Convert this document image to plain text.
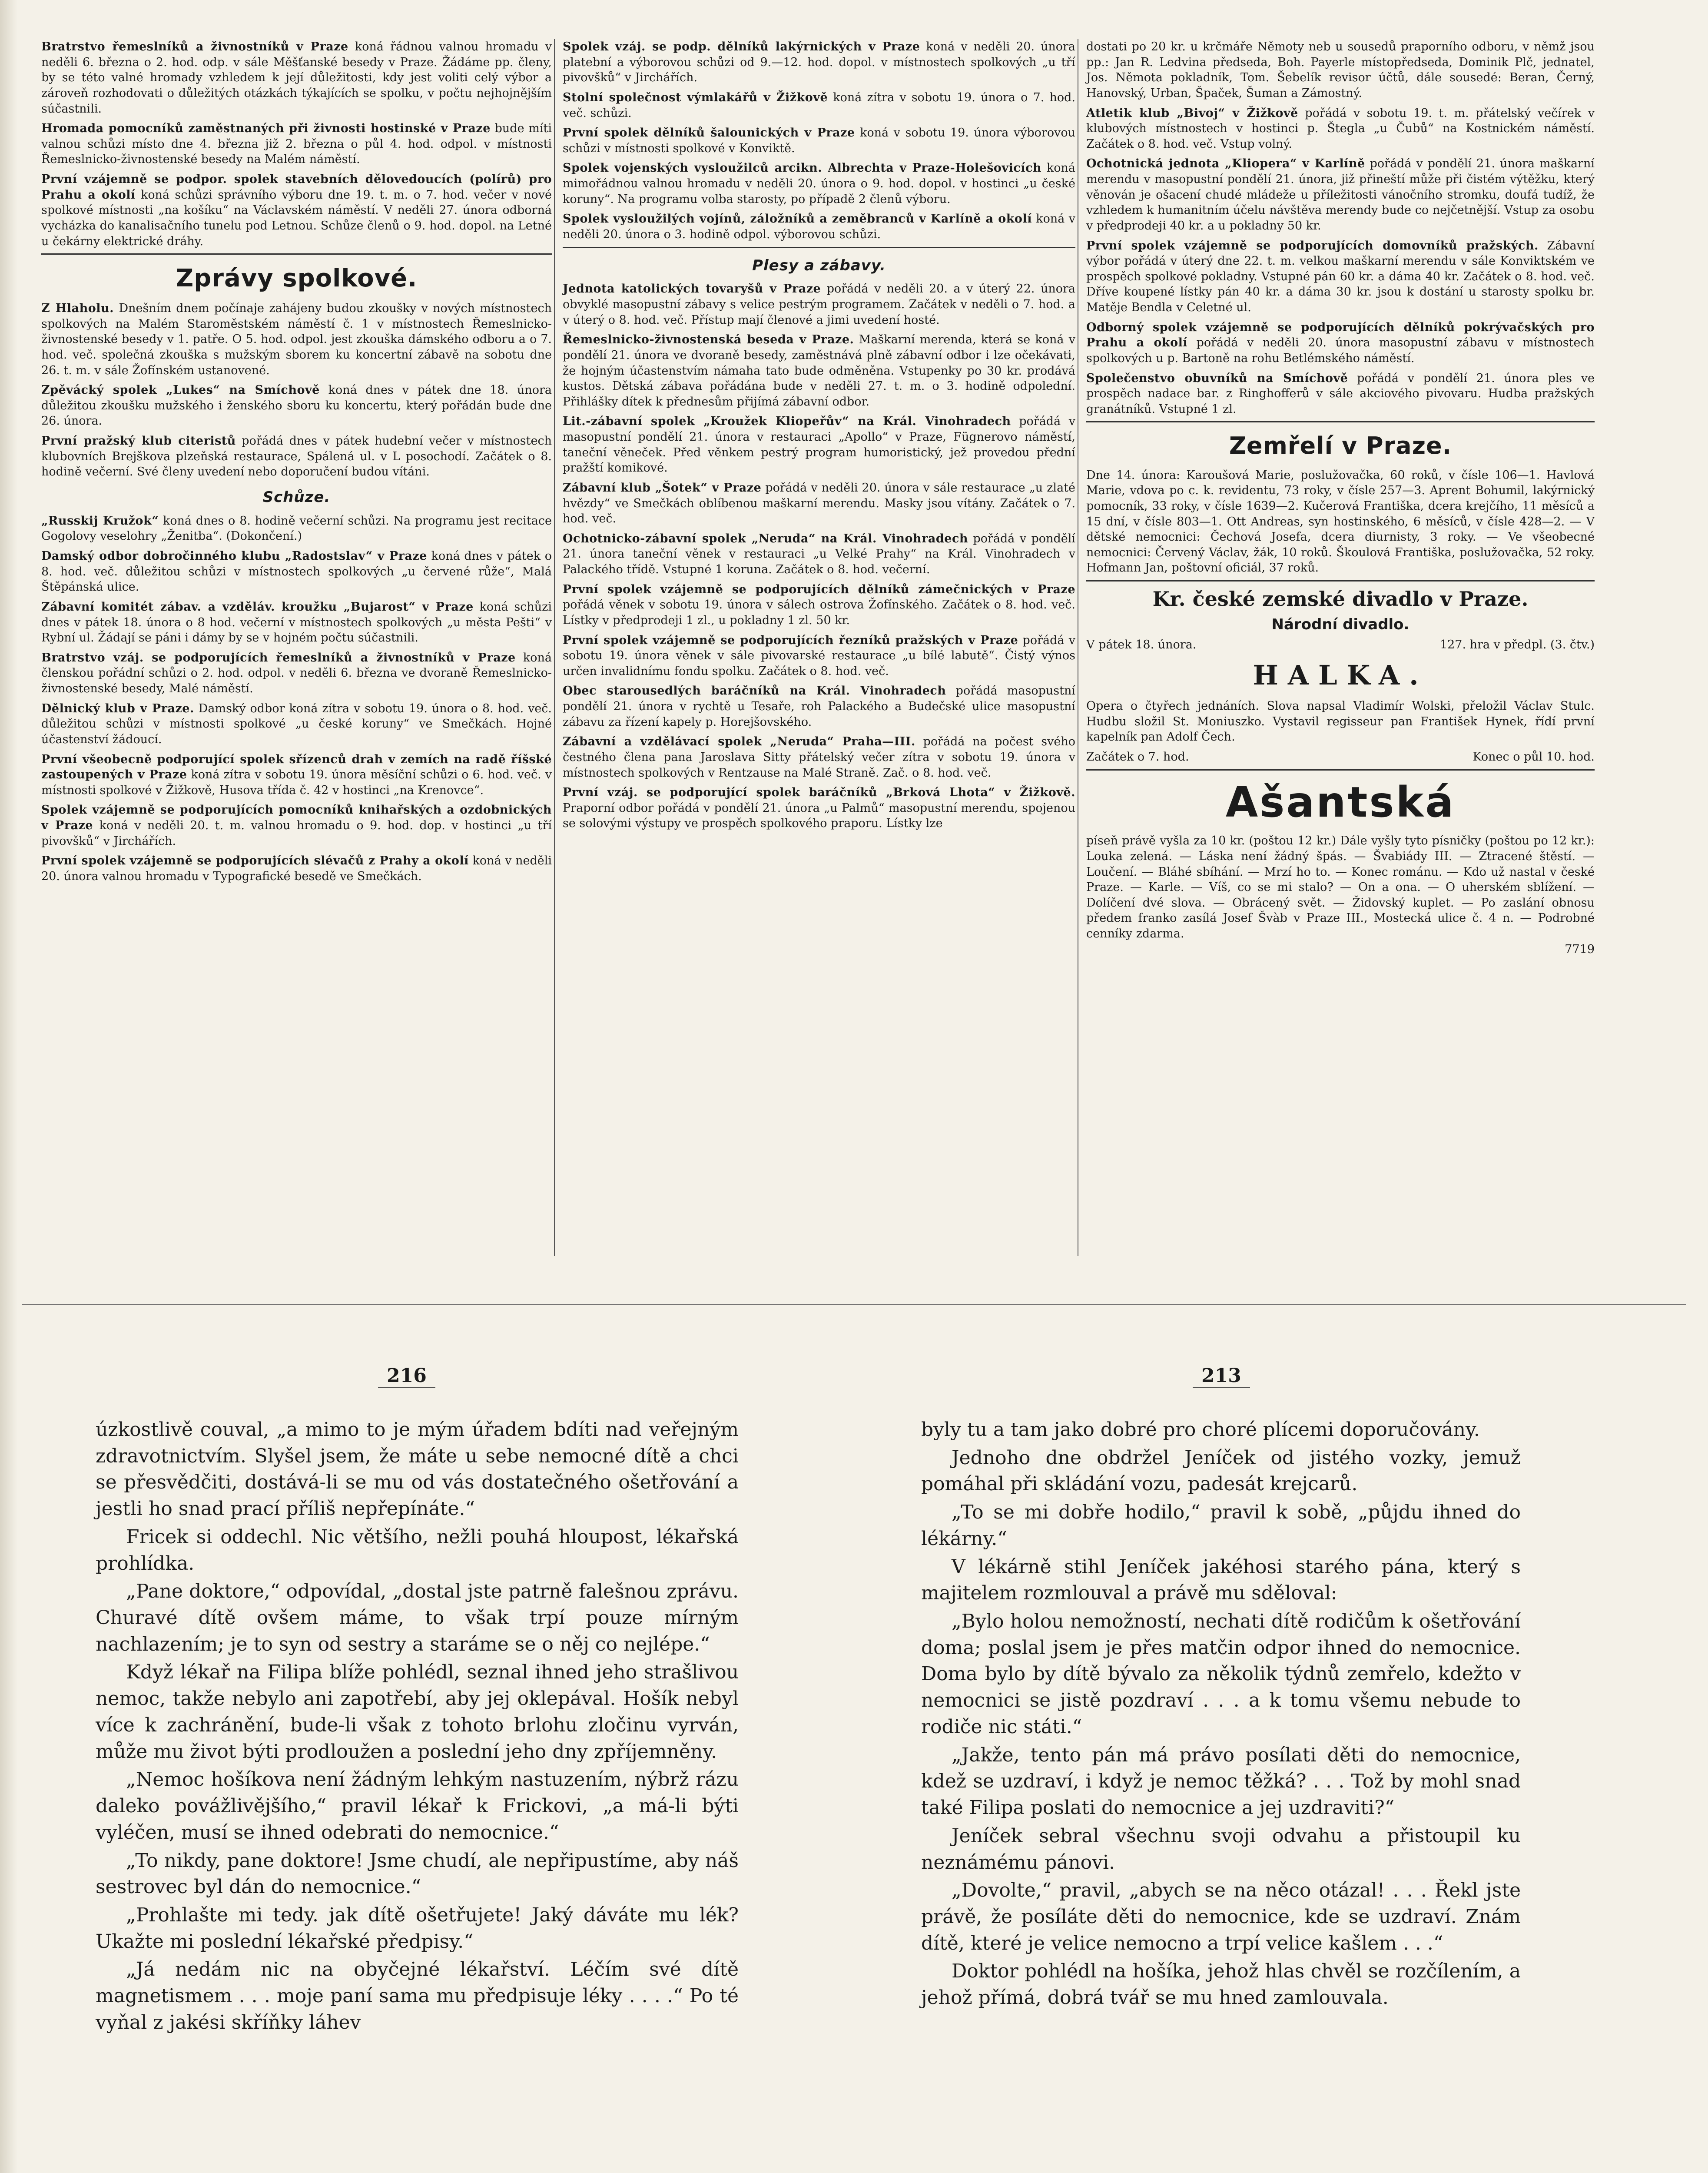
Bratrstvo řemeslníků a živnostníků v Praze koná řádnou valnou hromadu v neděli 6. března o 2. hod. odp. v sále Měšťanské besedy v Praze. Žádáme pp. členy, by se této valné hromady vzhledem k její důležitosti, kdy jest voliti celý výbor a zároveň rozhodovati o důležitých otázkách týkajících se spolku, v počtu nejhojnějším súčastnili.

Hromada pomocníků zaměstnaných při živnosti hostinské v Praze bude míti valnou schůzi místo dne 4. března již 2. března o půl 4. hod. odpol. v místnosti Řemeslnicko-živnostenské besedy na Malém náměstí.

První vzájemně se podpor. spolek stavebních dělovedoucích (polírů) pro Prahu a okolí koná schůzi správního výboru dne 19. t. m. o 7. hod. večer v nové spolkové místnosti „na košíku“ na Václavském náměstí. V neděli 27. února odborná vycházka do kanalisačního tunelu pod Letnou. Schůze členů o 9. hod. dopol. na Letné u čekárny elektrické dráhy.

Zprávy spolkové.

Z Hlaholu. Dnešním dnem počínaje zahájeny budou zkoušky v nových místnostech spolkových na Malém Staroměstském náměstí č. 1 v místnostech Řemeslnicko-živnostenské besedy v 1. patře. O 5. hod. odpol. jest zkouška dámského odboru a o 7. hod. več. společná zkouška s mužským sborem ku koncertní zábavě na sobotu dne 26. t. m. v sále Žofínském ustanovené.

Zpěvácký spolek „Lukes“ na Smíchově koná dnes v pátek dne 18. února důležitou zkoušku mužského i ženského sboru ku koncertu, který pořádán bude dne 26. února.

První pražský klub citeristů pořádá dnes v pátek hudební večer v místnostech klubovních Brejškova plzeňská restaurace, Spálená ul. v L posochodí. Začátek o 8. hodině večerní. Své členy uvedení nebo doporučení budou vítáni.

Schůze.

„Russkij Kružok“ koná dnes o 8. hodině večerní schůzi. Na programu jest recitace Gogolovy veselohry „Ženitba“. (Dokončení.)

Damský odbor dobročinného klubu „Radostslav“ v Praze koná dnes v pátek o 8. hod. več. důležitou schůzi v místnostech spolkových „u červené růže“, Malá Štěpánská ulice.

Zábavní komitét zábav. a vzděláv. kroužku „Bujarost“ v Praze koná schůzi dnes v pátek 18. února o 8 hod. večerní v místnostech spolkových „u města Pešti“ v Rybní ul. Žádají se páni i dámy by se v hojném počtu súčastnili.

Bratrstvo vzáj. se podporujících řemeslníků a živnostníků v Praze koná členskou pořádní schůzi o 2. hod. odpol. v neděli 6. března ve dvoraně Řemeslnicko-živnostenské besedy, Malé náměstí.

Dělnický klub v Praze. Damský odbor koná zítra v sobotu 19. února o 8. hod. več. důležitou schůzi v místnosti spolkové „u české koruny“ ve Smečkách. Hojné účastenství žádoucí.

První všeobecně podporující spolek sřízenců drah v zemích na radě říšské zastoupených v Praze koná zítra v sobotu 19. února měsíční schůzi o 6. hod. več. v místnosti spolkové v Žižkově, Husova třída č. 42 v hostinci „na Krenovce“.

Spolek vzájemně se podporujících pomocníků knihařských a ozdobnických v Praze koná v neděli 20. t. m. valnou hromadu o 9. hod. dop. v hostinci „u tří pivovšků“ v Jirchářích.

První spolek vzájemně se podporujících slévačů z Prahy a okolí koná v neděli 20. února valnou hromadu v Typografické besedě ve Smečkách.

Spolek vzáj. se podp. dělníků lakýrnických v Praze koná v neděli 20. února platební a výborovou schůzi od 9.—12. hod. dopol. v místnostech spolkových „u tří pivovšků“ v Jirchářích.

Stolní společnost výmlakářů v Žižkově koná zítra v sobotu 19. února o 7. hod. več. schůzi.

První spolek dělníků šalounických v Praze koná v sobotu 19. února výborovou schůzi v místnosti spolkové v Konviktě.

Spolek vojenských vysloužilců arcikn. Albrechta v Praze-Holešovicích koná mimořádnou valnou hromadu v neděli 20. února o 9. hod. dopol. v hostinci „u české koruny“. Na programu volba starosty, po případě 2 členů výboru.

Spolek vysloužilých vojínů, záložníků a zeměbranců v Karlíně a okolí koná v neděli 20. února o 3. hodině odpol. výborovou schůzi.

Plesy a zábavy.

Jednota katolických tovaryšů v Praze pořádá v neděli 20. a v úterý 22. února obvyklé masopustní zábavy s velice pestrým programem. Začátek v neděli o 7. hod. a v úterý o 8. hod. več. Přístup mají členové a jimi uvedení hosté.

Řemeslnicko-živnostenská beseda v Praze. Maškarní merenda, která se koná v pondělí 21. února ve dvoraně besedy, zaměstnává plně zábavní odbor i lze očekávati, že hojným účastenstvím námaha tato bude odměněna. Vstupenky po 30 kr. prodává kustos. Dětská zábava pořádána bude v neděli 27. t. m. o 3. hodině odpolední. Přihlášky dítek k přednesům přijímá zábavní odbor.

Lit.-zábavní spolek „Kroužek Kliopeřův“ na Král. Vinohradech pořádá v masopustní pondělí 21. února v restauraci „Apollo“ v Praze, Fügnerovo náměstí, taneční věneček. Před věnkem pestrý program humoristický, jež provedou přední pražští komikové.

Zábavní klub „Šotek“ v Praze pořádá v neděli 20. února v sále restaurace „u zlaté hvězdy“ ve Smečkách oblíbenou maškarní merendu. Masky jsou vítány. Začátek o 7. hod. več.

Ochotnicko-zábavní spolek „Neruda“ na Král. Vinohradech pořádá v pondělí 21. února taneční věnek v restauraci „u Velké Prahy“ na Král. Vinohradech v Palackého třídě. Vstupné 1 koruna. Začátek o 8. hod. večerní.

První spolek vzájemně se podporujících dělníků zámečnických v Praze pořádá věnek v sobotu 19. února v sálech ostrova Žofínského. Začátek o 8. hod. več. Lístky v předprodeji 1 zl., u pokladny 1 zl. 50 kr.

První spolek vzájemně se podporujících řezníků pražských v Praze pořádá v sobotu 19. února věnek v sále pivovarské restaurace „u bílé labutě“. Čistý výnos určen invalidnímu fondu spolku. Začátek o 8. hod. več.

Obec starousedlých baráčníků na Král. Vinohradech pořádá masopustní pondělí 21. února v rychtě u Tesaře, roh Palackého a Budečské ulice masopustní zábavu za řízení kapely p. Horejšovského.

Zábavní a vzdělávací spolek „Neruda“ Praha—III. pořádá na počest svého čestného člena pana Jaroslava Sitty přátelský večer zítra v sobotu 19. února v místnostech spolkových v Rentzause na Malé Straně. Zač. o 8. hod. več.

První vzáj. se podporující spolek baráčníků „Brková Lhota“ v Žižkově. Praporní odbor pořádá v pondělí 21. února „u Palmů“ masopustní merendu, spojenou se solovými výstupy ve prospěch spolkového praporu. Lístky lze

dostati po 20 kr. u krčmáře Němoty neb u sousedů praporního odboru, v němž jsou pp.: Jan R. Ledvina předseda, Boh. Payerle místopředseda, Dominik Plč, jednatel, Jos. Němota pokladník, Tom. Šebelík revisor účtů, dále sousedé: Beran, Černý, Hanovský, Urban, Špaček, Šuman a Zámostný.

Atletik klub „Bivoj“ v Žižkově pořádá v sobotu 19. t. m. přátelský večírek v klubových místnostech v hostinci p. Štegla „u Čubů“ na Kostnickém náměstí. Začátek o 8. hod. več. Vstup volný.

Ochotnická jednota „Kliopera“ v Karlíně pořádá v pondělí 21. února maškarní merendu v masopustní pondělí 21. února, již přineští může při čistém výtěžku, který věnován je ošacení chudé mládeže u příležitosti vánočního stromku, doufá tudíž, že vzhledem k humanitním účelu návštěva merendy bude co nejčetnější. Vstup za osobu v předprodeji 40 kr. a u pokladny 50 kr.

První spolek vzájemně se podporujících domovníků pražských. Zábavní výbor pořádá v úterý dne 22. t. m. velkou maškarní merendu v sále Konviktském ve prospěch spolkové pokladny. Vstupné pán 60 kr. a dáma 40 kr. Začátek o 8. hod. več. Dříve koupené lístky pán 40 kr. a dáma 30 kr. jsou k dostání u starosty spolku br. Matěje Bendla v Celetné ul.

Odborný spolek vzájemně se podporujících dělníků pokrývačských pro Prahu a okolí pořádá v neděli 20. února masopustní zábavu v místnostech spolkových u p. Bartoně na rohu Betlémského náměstí.

Společenstvo obuvníků na Smíchově pořádá v pondělí 21. února ples ve prospěch nadace bar. z Ringhofferů v sále akciového pivovaru. Hudba pražských granátníků. Vstupné 1 zl.

Zemřelí v Praze.
Dne 14. února: Karoušová Marie, poslužovačka, 60 roků, v čísle 106—1. Havlová Marie, vdova po c. k. revidentu, 73 roky, v čísle 257—3. Aprent Bohumil, lakýrnický pomocník, 33 roky, v čísle 1639—2. Kučerová Františka, dcera krejčího, 11 měsíců a 15 dní, v čísle 803—1. Ott Andreas, syn hostinského, 6 měsíců, v čísle 428—2. — V dětské nemocnici: Čechová Josefa, dcera diurnisty, 3 roky. — Ve všeobecné nemocnici: Červený Václav, žák, 10 roků. Škoulová Františka, poslužovačka, 52 roky. Hofmann Jan, poštovní oficiál, 37 roků.
Kr. české zemské divadlo v Praze.
Národní divadlo.
V pátek 18. února.	127. hra v předpl. (3. čtv.)
HALKA.
Opera o čtyřech jednáních. Slova napsal Vladimír Wolski, přeložil Václav Stulc. Hudbu složil St. Moniuszko. Vystavil regisseur pan František Hynek, řídí první kapelník pan Adolf Čech.
Začátek o 7. hod.	Konec o půl 10. hod.
Ašantská
píseň právě vyšla za 10 kr. (poštou 12 kr.) Dále vyšly tyto písničky (poštou po 12 kr.): Louka zelená. — Láska není žádný špás. — Švabiády III. — Ztracené štěstí. — Loučení. — Bláhé sbíhání. — Mrzí ho to. — Konec románu. — Kdo už nastal v české Praze. — Karle. — Víš, co se mi stalo? — On a ona. — O uherském sblížení. — Dolíčení dvé slova. — Obrácený svět. — Židovský kuplet. — Po zaslání obnosu předem franko zasílá Josef Švàb v Praze III., Mostecká ulice č. 4 n. — Podrobné cenníky zdarma.
7719
216	213

úzkostlivě couval, „a mimo to je mým úřadem bdíti nad veřejným zdravotnictvím. Slyšel jsem, že máte u sebe nemocné dítě a chci se přesvědčiti, dostává-li se mu od vás dostatečného ošetřování a jestli ho snad prací příliš nepřepínáte.“

Fricek si oddechl. Nic většího, nežli pouhá hloupost, lékařská prohlídka.

„Pane doktore,“ odpovídal, „dostal jste patrně falešnou zprávu. Churavé dítě ovšem máme, to však trpí pouze mírným nachlazením; je to syn od sestry a staráme se o něj co nejlépe.“

Když lékař na Filipa blíže pohlédl, seznal ihned jeho strašlivou nemoc, takže nebylo ani zapotřebí, aby jej oklepával. Hošík nebyl více k zachránění, bude-li však z tohoto brlohu zločinu vyrván, může mu život býti prodloužen a poslední jeho dny zpříjemněny.

„Nemoc hošíkova není žádným lehkým nastuzením, nýbrž rázu daleko povážlivějšího,“ pravil lékař k Frickovi, „a má-li býti vyléčen, musí se ihned odebrati do nemocnice.“

„To nikdy, pane doktore! Jsme chudí, ale nepřipustíme, aby náš sestrovec byl dán do nemocnice.“

„Prohlašte mi tedy. jak dítě ošetřujete! Jaký dáváte mu lék? Ukažte mi poslední lékařské předpisy.“

„Já nedám nic na obyčejné lékařství. Léčím své dítě magnetismem . . . moje paní sama mu předpisuje léky . . . .“ Po té vyňal z jakési skříňky láhev

byly tu a tam jako dobré pro choré plícemi doporučovány.

Jednoho dne obdržel Jeníček od jistého vozky, jemuž pomáhal při skládání vozu, padesát krejcarů.

„To se mi dobře hodilo,“ pravil k sobě, „půjdu ihned do lékárny.“

V lékárně stihl Jeníček jakéhosi starého pána, který s majitelem rozmlouval a právě mu sděloval:

„Bylo holou nemožností, nechati dítě rodičům k ošetřování doma; poslal jsem je přes matčin odpor ihned do nemocnice. Doma bylo by dítě bývalo za několik týdnů zemřelo, kdežto v nemocnici se jistě pozdraví . . . a k tomu všemu nebude to rodiče nic státi.“

„Jakže, tento pán má právo posílati děti do nemocnice, kdež se uzdraví, i když je nemoc těžká? . . . Tož by mohl snad také Filipa poslati do nemocnice a jej uzdraviti?“

Jeníček sebral všechnu svoji odvahu a přistoupil ku neznámému pánovi.

„Dovolte,“ pravil, „abych se na něco otázal! . . . Řekl jste právě, že posíláte děti do nemocnice, kde se uzdraví. Znám dítě, které je velice nemocno a trpí velice kašlem . . .“

Doktor pohlédl na hošíka, jehož hlas chvěl se rozčílením, a jehož přímá, dobrá tvář se mu hned zamlouvala.
